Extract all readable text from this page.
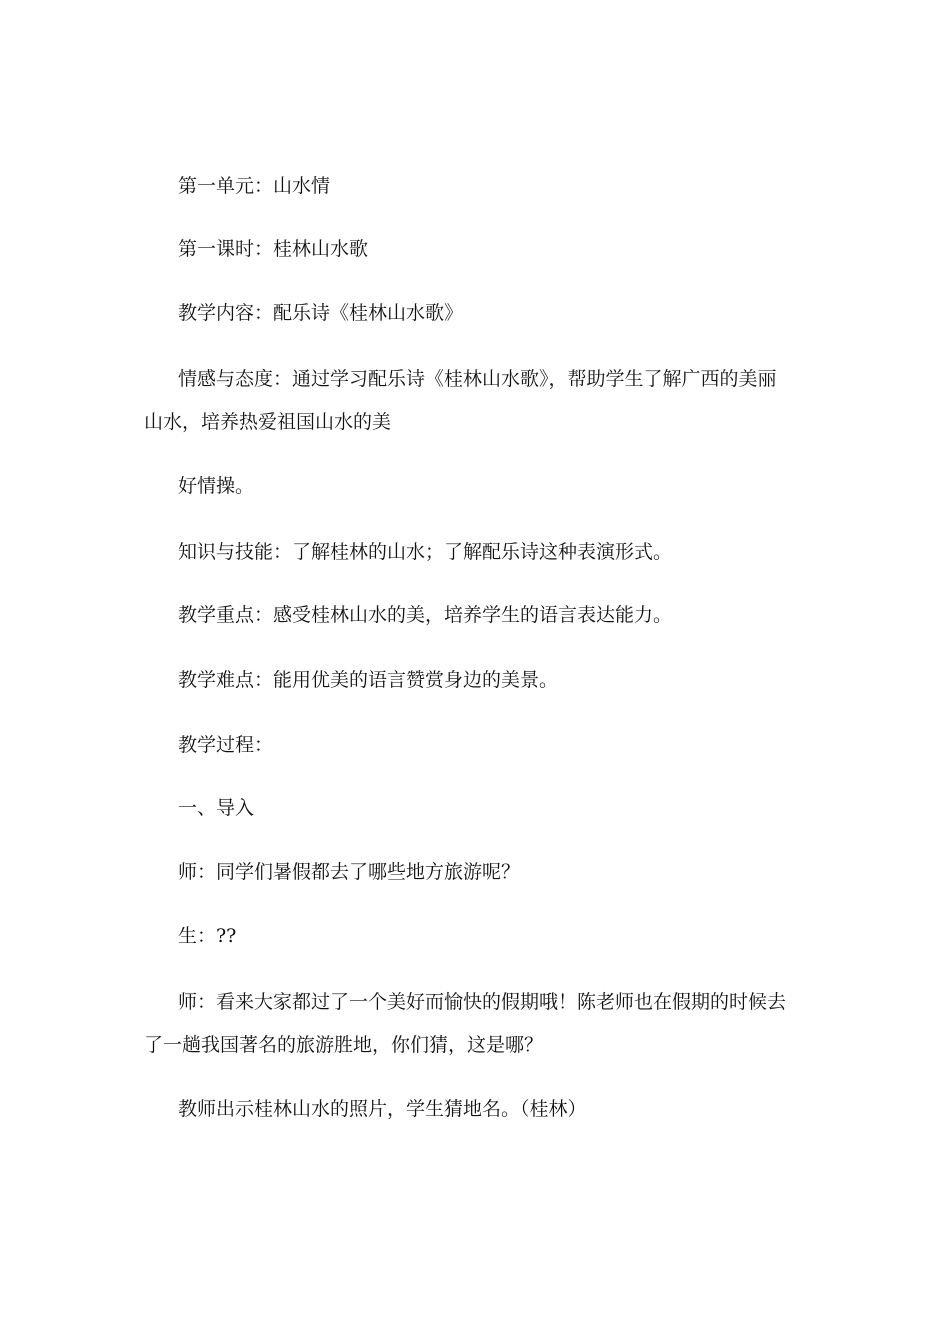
第一单元：山水情
第一课时：桂林山水歌
教学内容：配乐诗《桂林山水歌》
情感与态度：通过学习配乐诗《桂林山水歌》，帮助学生了解广西的美丽
山水，培养热爱祖国山水的美
好情操。
知识与技能：了解桂林的山水；了解配乐诗这种表演形式。
教学重点：感受桂林山水的美，培养学生的语言表达能力。
教学难点：能用优美的语言赞赏身边的美景。
教学过程：
一、导入
师：同学们暑假都去了哪些地方旅游呢？
生：??
师：看来大家都过了一个美好而愉快的假期哦！陈老师也在假期的时候去
了一趟我国著名的旅游胜地，你们猜，这是哪？
教师出示桂林山水的照片，学生猜地名。（桂林）
